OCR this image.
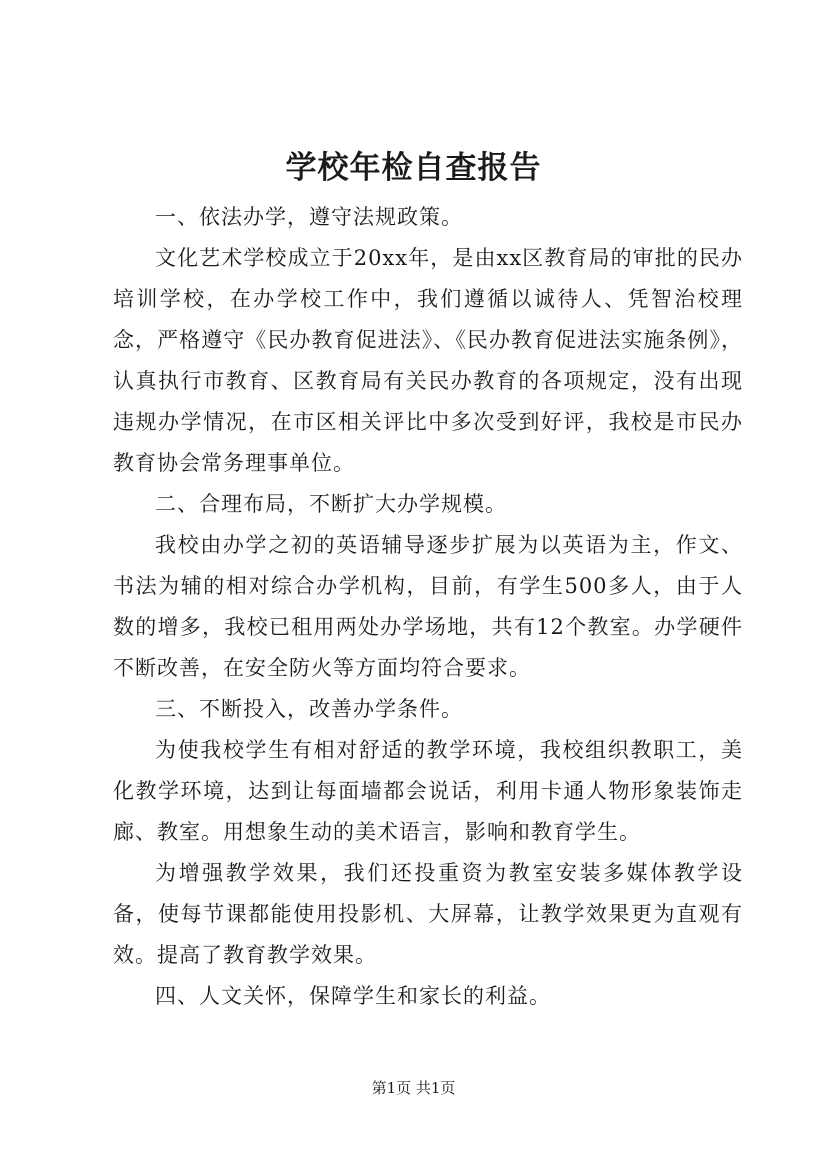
学校年检自查报告

一、依法办学，遵守法规政策。

文化艺术学校成立于20xx年，是由xx区教育局的审批的民办培训学校，在办学校工作中，我们遵循以诚待人、凭智治校理念，严格遵守《民办教育促进法》、《民办教育促进法实施条例》，认真执行市教育、区教育局有关民办教育的各项规定，没有出现违规办学情况，在市区相关评比中多次受到好评，我校是市民办教育协会常务理事单位。

二、合理布局，不断扩大办学规模。

我校由办学之初的英语辅导逐步扩展为以英语为主，作文、书法为辅的相对综合办学机构，目前，有学生500多人，由于人数的增多，我校已租用两处办学场地，共有12个教室。办学硬件不断改善，在安全防火等方面均符合要求。

三、不断投入，改善办学条件。

为使我校学生有相对舒适的教学环境，我校组织教职工，美化教学环境，达到让每面墙都会说话，利用卡通人物形象装饰走廊、教室。用想象生动的美术语言，影响和教育学生。

为增强教学效果，我们还投重资为教室安装多媒体教学设备，使每节课都能使用投影机、大屏幕，让教学效果更为直观有效。提高了教育教学效果。

四、人文关怀，保障学生和家长的利益。

第1页 共1页
